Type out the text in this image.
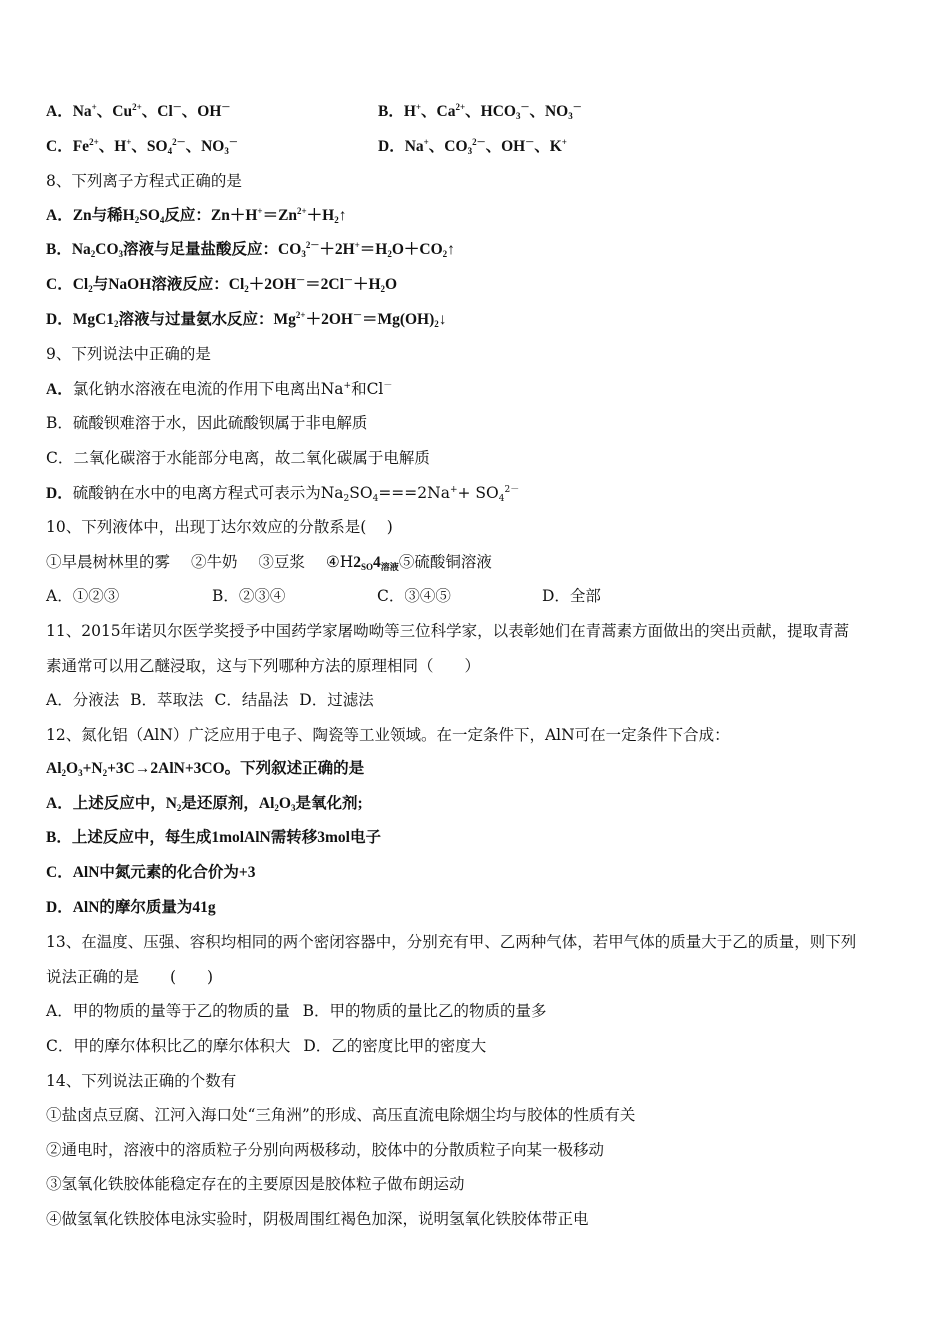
A．Na+、$Cu^{2+}$、Cl－、OH－	B．H+、$Ca^{2+}$、$HCO_3^-$、$NO_3^-$
C．$Fe^{2+}$、H+、$SO_4^{2-}$、$NO_3^-$	D．Na+、$CO_3^{2-}$、OH－、K+
8、下列离子方程式正确的是
A．Zn与稀$H_2SO_4$反应：$Zn+H^+=Zn^{2+}+H_2↑$
B．$Na_2CO_3$溶液与足量盐酸反应：$CO_3^{2-}+2H^+=H_2O+CO_2↑$
C．$Cl_2$与NaOH溶液反应：$Cl_2+2OH^-=2Cl^-+H_2O$
D．$MgC1_2$溶液与过量氨水反应：$Mg^{2+}+2OH^-=Mg(OH)_2↓$
9、下列说法中正确的是
A．氯化钠水溶液在电流的作用下电离出Na+和Cl－
B．硫酸钡难溶于水，因此硫酸钡属于非电解质
C．二氧化碳溶于水能部分电离，故二氧化碳属于电解质
D．硫酸钠在水中的电离方程式可表示为$Na_2SO_4===2Na^++ SO_4^{2-}$
10、下列液体中，出现丁达尔效应的分散系是(　 )
①早晨树林里的雾 ②牛奶 ③豆浆 $④H2_{SO}4_{溶液}⑤$硫酸铜溶液
A．①②③	B．②③④	C．③④⑤	D．全部
11、2015年诺贝尔医学奖授予中国药学家屠呦呦等三位科学家，以表彰她们在青蒿素方面做出的突出贡献，提取青蒿
素通常可以用乙醚浸取，这与下列哪种方法的原理相同（　　）
A．分液法 B．萃取法 C．结晶法 D．过滤法
12、氮化铝（AlN）广泛应用于电子、陶瓷等工业领域。在一定条件下，AlN可在一定条件下合成：
$Al_2O_3+N_2+3C\to 2AlN+3CO$。下列叙述正确的是
A．上述反应中，$N_2$是还原剂，$Al_2O_3$是氧化剂;
B．上述反应中，每生成1molAlN需转移3mol电子
C．AlN中氮元素的化合价为+3
D．AlN的摩尔质量为41g
13、在温度、压强、容积均相同的两个密闭容器中，分别充有甲、乙两种气体，若甲气体的质量大于乙的质量，则下列
说法正确的是　　(　　)
A．甲的物质的量等于乙的物质的量 B．甲的物质的量比乙的物质的量多
C．甲的摩尔体积比乙的摩尔体积大 D．乙的密度比甲的密度大
14、下列说法正确的个数有
①盐卤点豆腐、江河入海口处“三角洲”的形成、高压直流电除烟尘均与胶体的性质有关
②通电时，溶液中的溶质粒子分别向两极移动，胶体中的分散质粒子向某一极移动
③氢氧化铁胶体能稳定存在的主要原因是胶体粒子做布朗运动
④做氢氧化铁胶体电泳实验时，阴极周围红褐色加深，说明氢氧化铁胶体带正电
